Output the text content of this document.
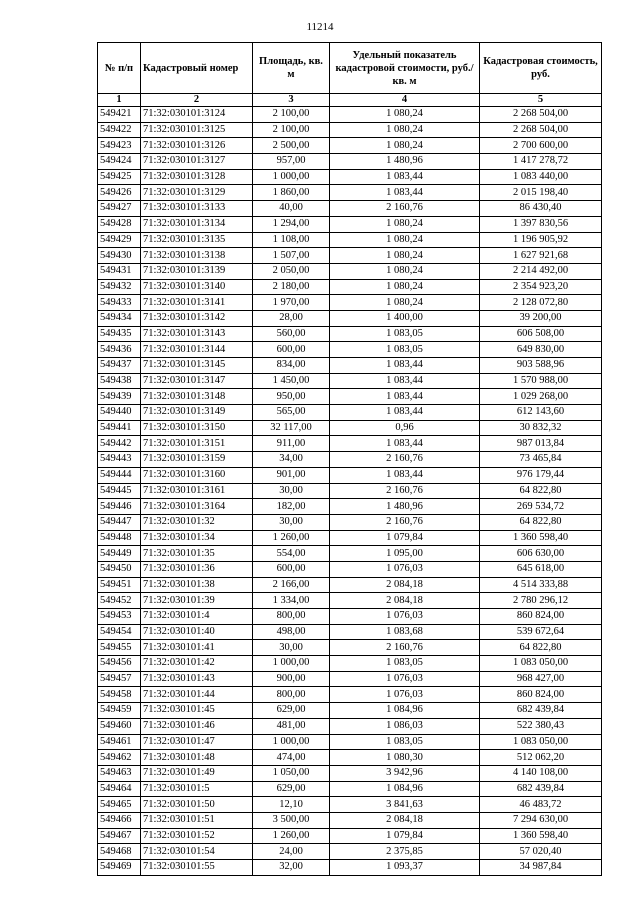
11214
№ п/п	Кадастровый номер	Площадь, кв. м	Удельный показатель кадастровой стоимости, руб./кв. м	Кадастровая стоимость, руб.
1	2	3	4	5
549421	71:32:030101:3124	2 100,00	1 080,24	2 268 504,00
549422	71:32:030101:3125	2 100,00	1 080,24	2 268 504,00
549423	71:32:030101:3126	2 500,00	1 080,24	2 700 600,00
549424	71:32:030101:3127	957,00	1 480,96	1 417 278,72
549425	71:32:030101:3128	1 000,00	1 083,44	1 083 440,00
549426	71:32:030101:3129	1 860,00	1 083,44	2 015 198,40
549427	71:32:030101:3133	40,00	2 160,76	86 430,40
549428	71:32:030101:3134	1 294,00	1 080,24	1 397 830,56
549429	71:32:030101:3135	1 108,00	1 080,24	1 196 905,92
549430	71:32:030101:3138	1 507,00	1 080,24	1 627 921,68
549431	71:32:030101:3139	2 050,00	1 080,24	2 214 492,00
549432	71:32:030101:3140	2 180,00	1 080,24	2 354 923,20
549433	71:32:030101:3141	1 970,00	1 080,24	2 128 072,80
549434	71:32:030101:3142	28,00	1 400,00	39 200,00
549435	71:32:030101:3143	560,00	1 083,05	606 508,00
549436	71:32:030101:3144	600,00	1 083,05	649 830,00
549437	71:32:030101:3145	834,00	1 083,44	903 588,96
549438	71:32:030101:3147	1 450,00	1 083,44	1 570 988,00
549439	71:32:030101:3148	950,00	1 083,44	1 029 268,00
549440	71:32:030101:3149	565,00	1 083,44	612 143,60
549441	71:32:030101:3150	32 117,00	0,96	30 832,32
549442	71:32:030101:3151	911,00	1 083,44	987 013,84
549443	71:32:030101:3159	34,00	2 160,76	73 465,84
549444	71:32:030101:3160	901,00	1 083,44	976 179,44
549445	71:32:030101:3161	30,00	2 160,76	64 822,80
549446	71:32:030101:3164	182,00	1 480,96	269 534,72
549447	71:32:030101:32	30,00	2 160,76	64 822,80
549448	71:32:030101:34	1 260,00	1 079,84	1 360 598,40
549449	71:32:030101:35	554,00	1 095,00	606 630,00
549450	71:32:030101:36	600,00	1 076,03	645 618,00
549451	71:32:030101:38	2 166,00	2 084,18	4 514 333,88
549452	71:32:030101:39	1 334,00	2 084,18	2 780 296,12
549453	71:32:030101:4	800,00	1 076,03	860 824,00
549454	71:32:030101:40	498,00	1 083,68	539 672,64
549455	71:32:030101:41	30,00	2 160,76	64 822,80
549456	71:32:030101:42	1 000,00	1 083,05	1 083 050,00
549457	71:32:030101:43	900,00	1 076,03	968 427,00
549458	71:32:030101:44	800,00	1 076,03	860 824,00
549459	71:32:030101:45	629,00	1 084,96	682 439,84
549460	71:32:030101:46	481,00	1 086,03	522 380,43
549461	71:32:030101:47	1 000,00	1 083,05	1 083 050,00
549462	71:32:030101:48	474,00	1 080,30	512 062,20
549463	71:32:030101:49	1 050,00	3 942,96	4 140 108,00
549464	71:32:030101:5	629,00	1 084,96	682 439,84
549465	71:32:030101:50	12,10	3 841,63	46 483,72
549466	71:32:030101:51	3 500,00	2 084,18	7 294 630,00
549467	71:32:030101:52	1 260,00	1 079,84	1 360 598,40
549468	71:32:030101:54	24,00	2 375,85	57 020,40
549469	71:32:030101:55	32,00	1 093,37	34 987,84
